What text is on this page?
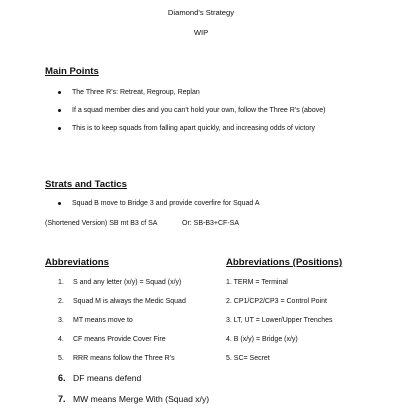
Diamond’s Strategy
WIP
Main Points
The Three R’s: Retreat, Regroup, Replan
If a squad member dies and you can’t hold your own, follow the Three R’s (above)
This is to keep squads from falling apart quickly, and increasing odds of victory
Strats and Tactics
Squad B move to Bridge 3 and provide coverfire for Squad A
(Shortened Version) SB mt B3 cf SA	Or: SB-B3+CF-SA
Abbreviations
1. S and any letter (x/y) = Squad (x/y)
2. Squad M is always the Medic Squad
3. MT means move to
4. CF means Provide Cover Fire
5. RRR means follow the Three R’s
6. DF means defend
7. MW means Merge With (Squad x/y)
Abbreviations (Positions)
1. TERM = Terminal
2. CP1/CP2/CP3 = Control Point
3. LT, UT = Lower/Upper Trenches
4. B (x/y) = Bridge (x/y)
5. SC= Secret
